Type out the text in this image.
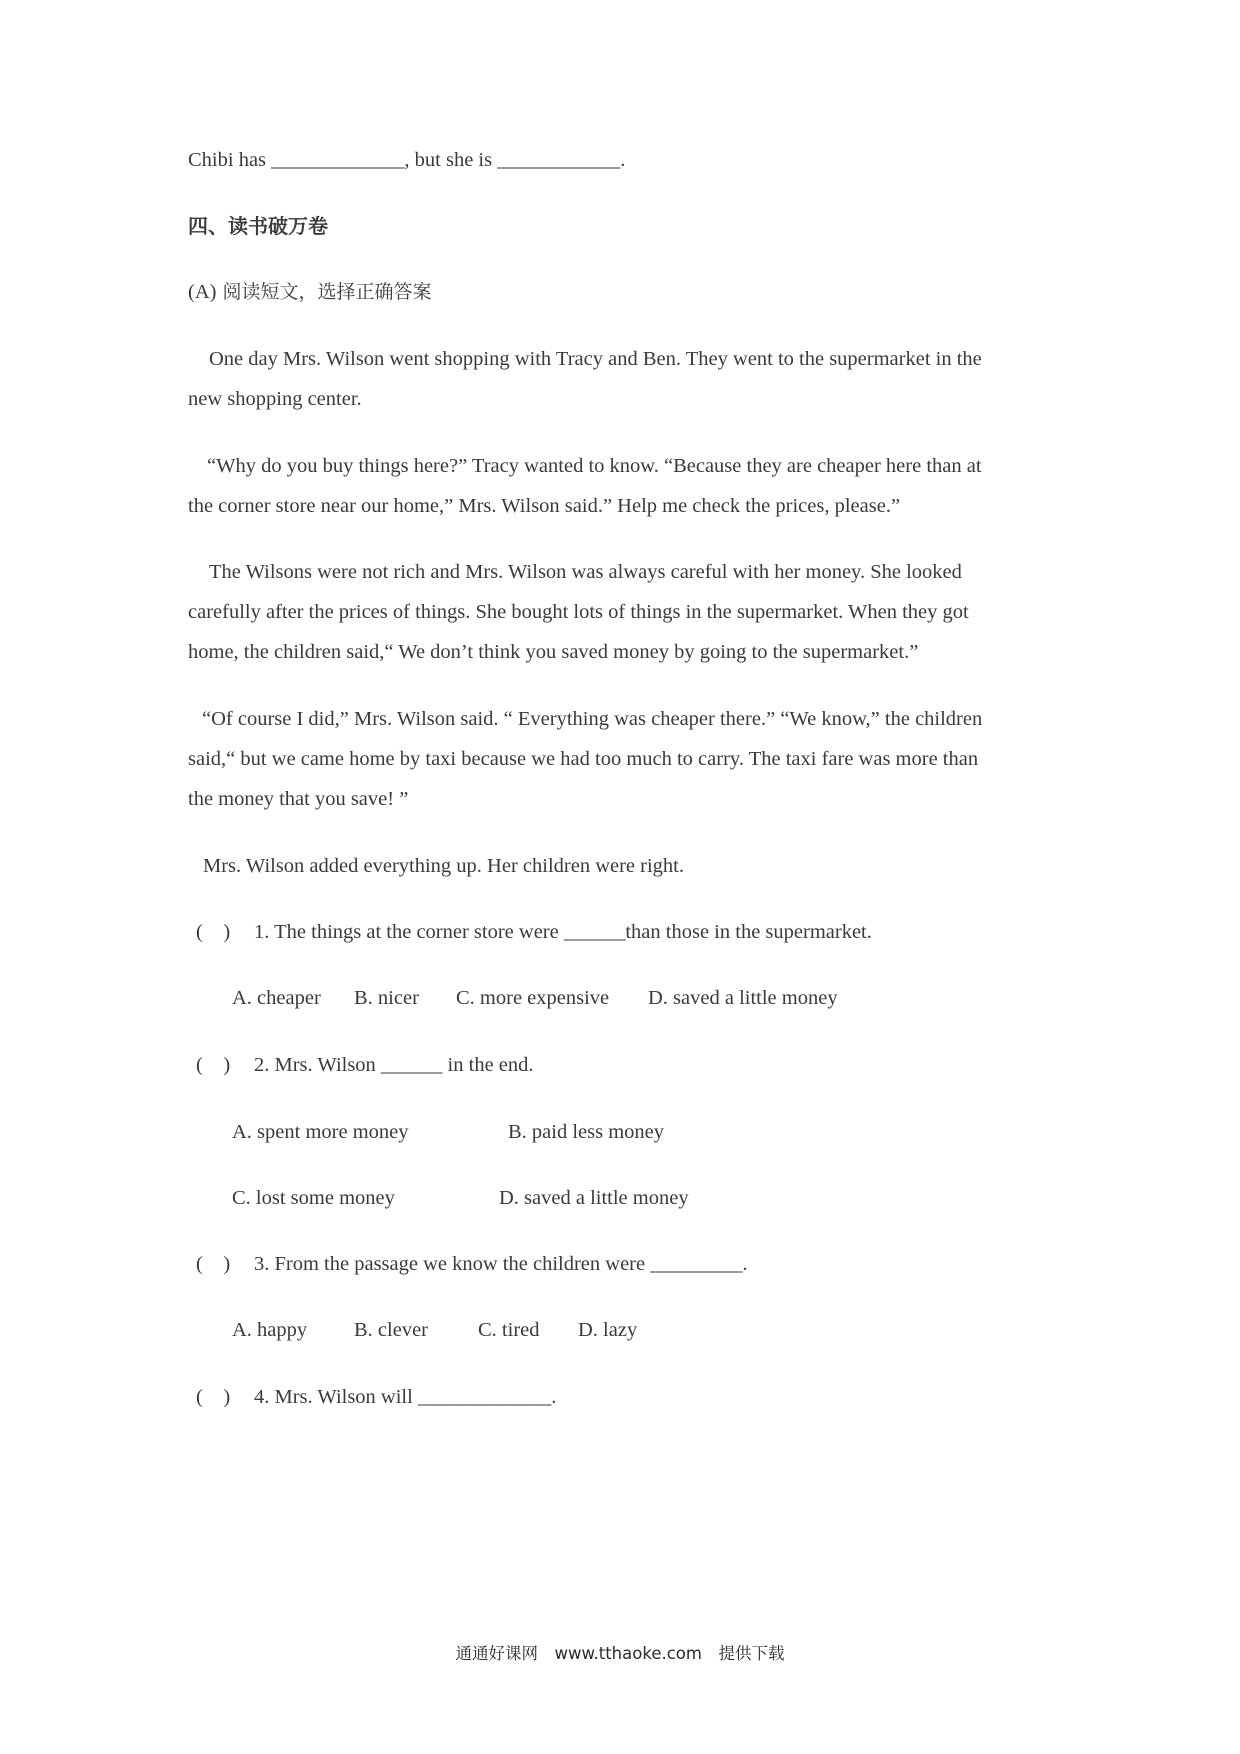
Chibi has _____________, but she is ____________.
四、读书破万卷
(A) 阅读短文，选择正确答案
One day Mrs. Wilson went shopping with Tracy and Ben. They went to the supermarket in the
new shopping center.
“Why do you buy things here?” Tracy wanted to know. “Because they are cheaper here than at
the corner store near our home,” Mrs. Wilson said.” Help me check the prices, please.”
The Wilsons were not rich and Mrs. Wilson was always careful with her money. She looked
carefully after the prices of things. She bought lots of things in the supermarket. When they got
home, the children said,“ We don’t think you saved money by going to the supermarket.”
“Of course I did,” Mrs. Wilson said. “ Everything was cheaper there.” “We know,” the children
said,“ but we came home by taxi because we had too much to carry. The taxi fare was more than
the money that you save! ”
Mrs. Wilson added everything up. Her children were right.
(　) 1. The things at the corner store were ______than those in the supermarket.
A. cheaper B. nicer C. more expensive D. saved a little money
(　) 2. Mrs. Wilson ______ in the end.
A. spent more money	B. paid less money
C. lost some money	D. saved a little money
(　) 3. From the passage we know the children were _________.
A. happy B. clever C. tired D. lazy
(　) 4. Mrs. Wilson will _____________.
通通好课网　www.tthaoke.com　提供下载
